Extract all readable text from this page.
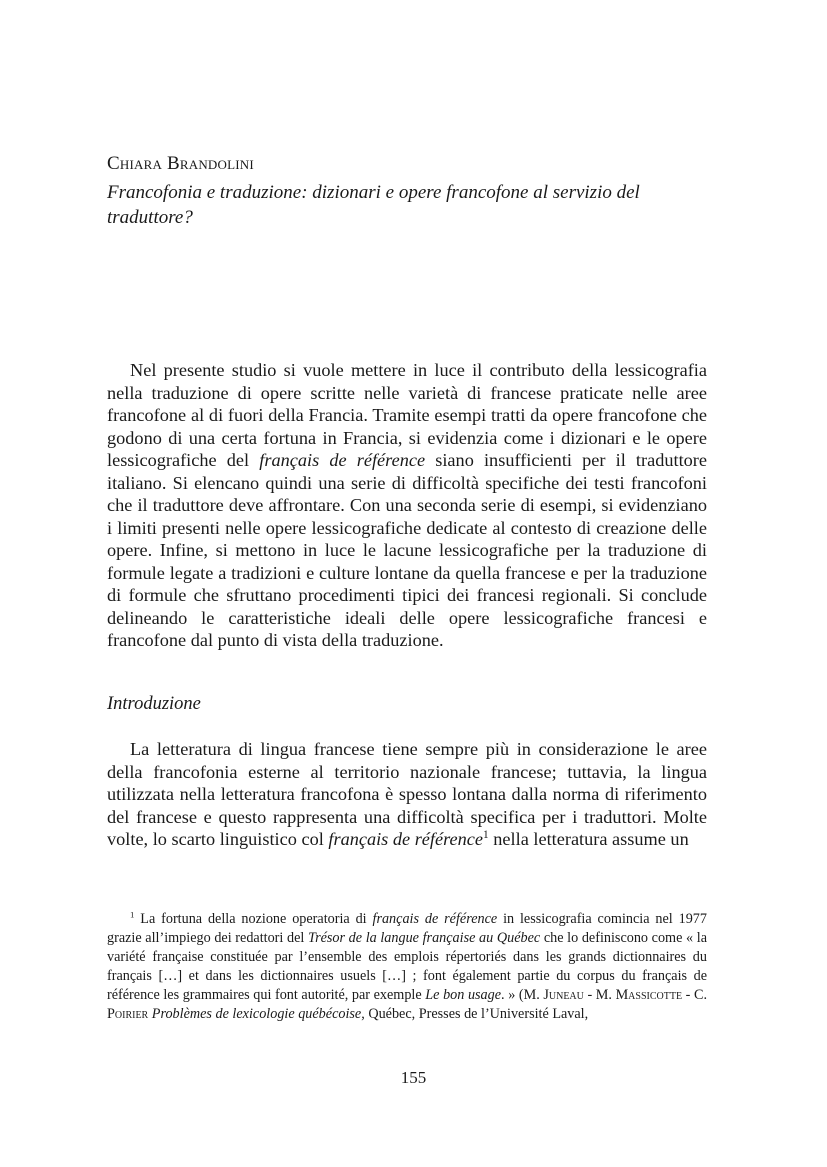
Chiara Brandolini
Francofonia e traduzione: dizionari e opere francofone al servizio del traduttore?

Nel presente studio si vuole mettere in luce il contributo della lessicografia nella traduzione di opere scritte nelle varietà di francese praticate nelle aree francofone al di fuori della Francia. Tramite esempi tratti da opere francofone che godono di una certa fortuna in Francia, si evidenzia come i dizionari e le opere lessicografiche del français de référence siano insufficienti per il traduttore italiano. Si elencano quindi una serie di difficoltà specifiche dei testi francofoni che il traduttore deve affrontare. Con una seconda serie di esempi, si evidenziano i limiti presenti nelle opere lessicografiche dedicate al contesto di creazione delle opere. Infine, si mettono in luce le lacune lessicografiche per la traduzione di formule legate a tradizioni e culture lontane da quella francese e per la traduzione di formule che sfruttano procedimenti tipici dei francesi regionali. Si conclude delineando le caratteristiche ideali delle opere lessicografiche francesi e francofone dal punto di vista della traduzione.

Introduzione

La letteratura di lingua francese tiene sempre più in considerazione le aree della francofonia esterne al territorio nazionale francese; tuttavia, la lingua utilizzata nella letteratura francofona è spesso lontana dalla norma di riferimento del francese e questo rappresenta una difficoltà specifica per i traduttori. Molte volte, lo scarto linguistico col français de référence$^1$ nella letteratura assume un

$^1$ La fortuna della nozione operatoria di français de référence in lessicografia comincia nel 1977 grazie all’impiego dei redattori del Trésor de la langue française au Québec che lo definiscono come « la variété française constituée par l’ensemble des emplois répertoriés dans les grands dictionnaires du français […] et dans les dictionnaires usuels […] ; font également partie du corpus du français de référence les grammaires qui font autorité, par exemple Le bon usage. » (M. Juneau - M. Massicotte - C. Poirier Problèmes de lexicologie québécoise, Québec, Presses de l’Université Laval,

155
